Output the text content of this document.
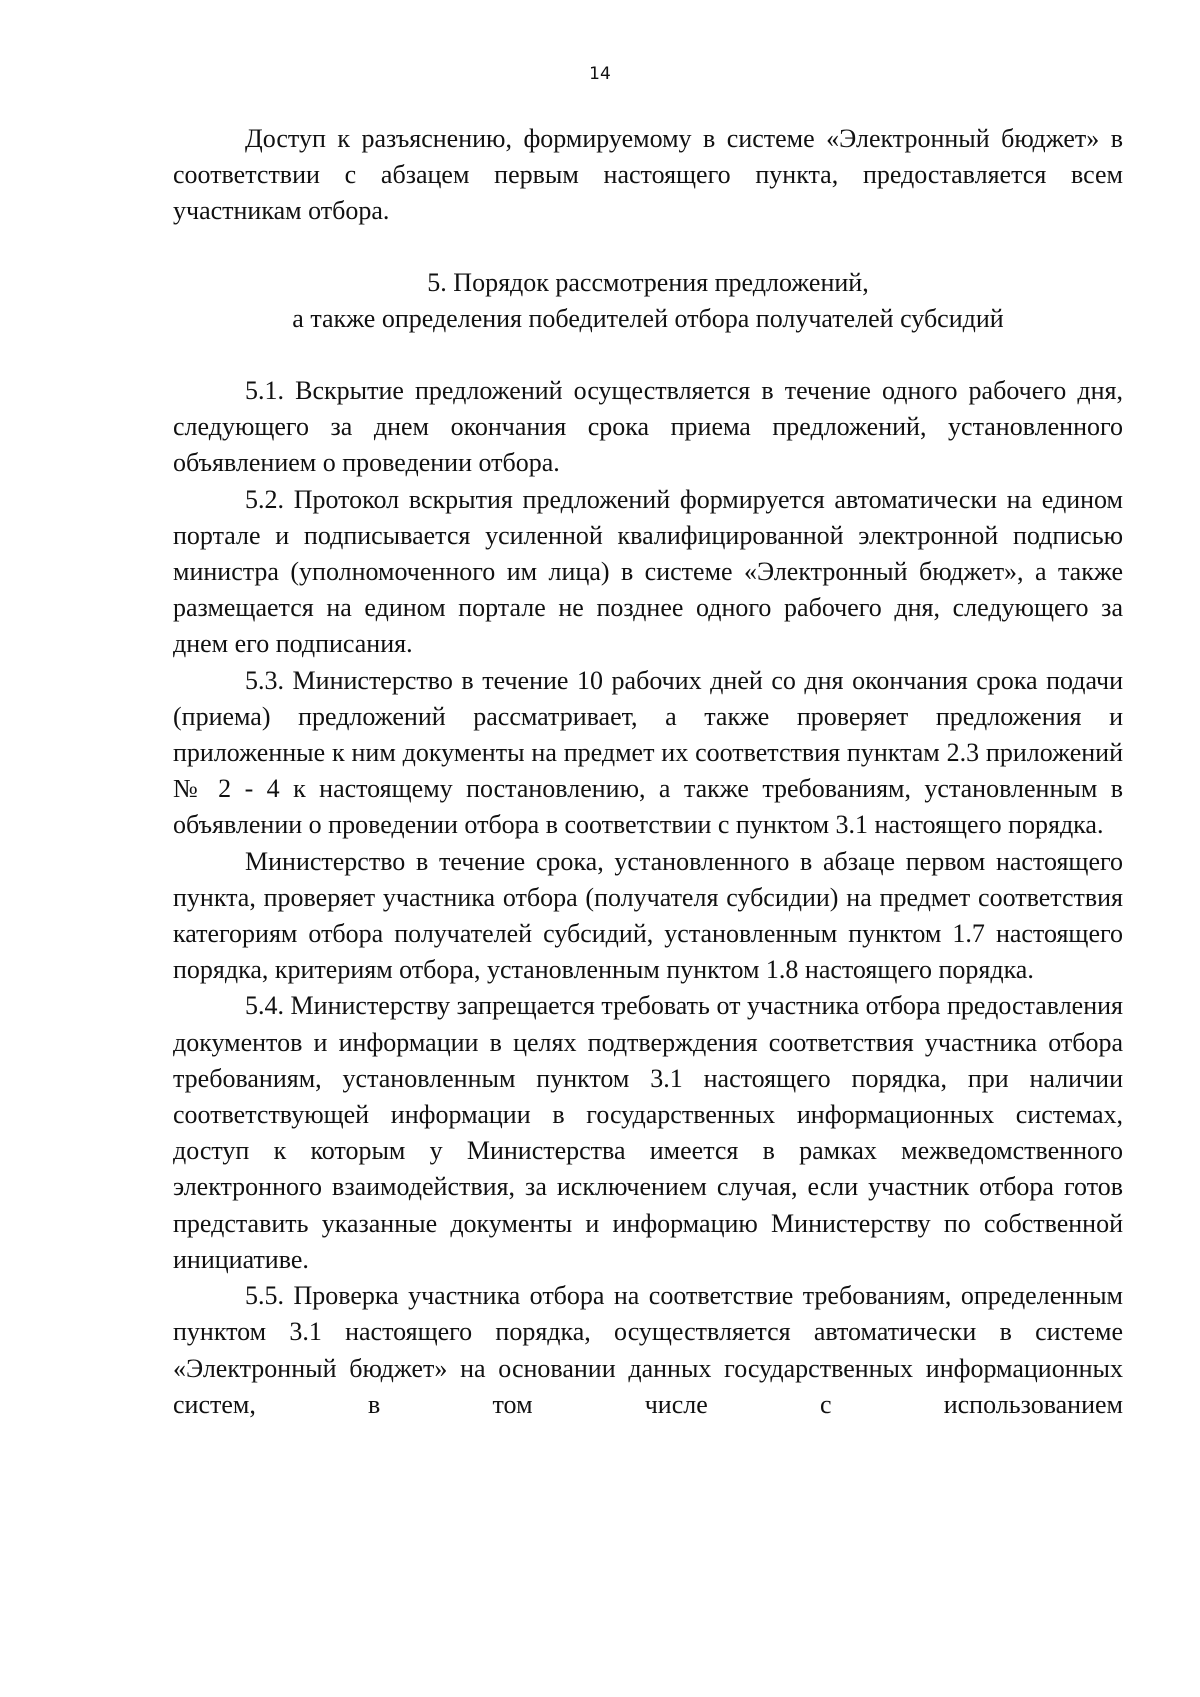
14

Доступ к разъяснению, формируемому в системе «Электронный бюджет» в соответствии с абзацем первым настоящего пункта, предоставляется всем участникам отбора.

5. Порядок рассмотрения предложений,
а также определения победителей отбора получателей субсидий

5.1. Вскрытие предложений осуществляется в течение одного рабочего дня, следующего за днем окончания срока приема предложений, установленного объявлением о проведении отбора.

5.2. Протокол вскрытия предложений формируется автоматически на едином портале и подписывается усиленной квалифицированной электронной подписью министра (уполномоченного им лица) в системе «Электронный бюджет», а также размещается на едином портале не позднее одного рабочего дня, следующего за днем его подписания.

5.3. Министерство в течение 10 рабочих дней со дня окончания срока подачи (приема) предложений рассматривает, а также проверяет предложения и приложенные к ним документы на предмет их соответствия пунктам 2.3 приложений № 2 - 4 к настоящему постановлению, а также требованиям, установленным в объявлении о проведении отбора в соответствии с пунктом 3.1 настоящего порядка.

Министерство в течение срока, установленного в абзаце первом настоящего пункта, проверяет участника отбора (получателя субсидии) на предмет соответствия категориям отбора получателей субсидий, установленным пунктом 1.7 настоящего порядка, критериям отбора, установленным пунктом 1.8 настоящего порядка.

5.4. Министерству запрещается требовать от участника отбора предоставления документов и информации в целях подтверждения соответствия участника отбора требованиям, установленным пунктом 3.1 настоящего порядка, при наличии соответствующей информации в государственных информационных системах, доступ к которым у Министерства имеется в рамках межведомственного электронного взаимодействия, за исключением случая, если участник отбора готов представить указанные документы и информацию Министерству по собственной инициативе.

5.5. Проверка участника отбора на соответствие требованиям, определенным пунктом 3.1 настоящего порядка, осуществляется автоматически в системе «Электронный бюджет» на основании данных государственных информационных систем, в том числе с использованием
